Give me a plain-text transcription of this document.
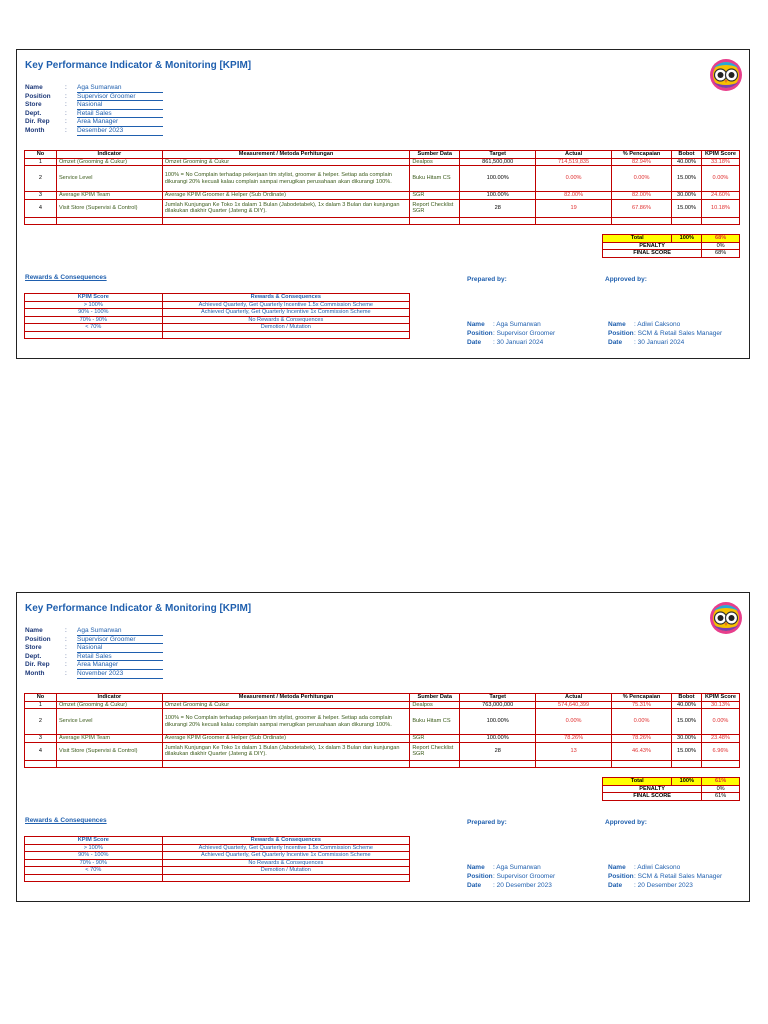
Key Performance Indicator & Monitoring [KPIM]
Name	:	Aga Sumarwan
Position	:	Supervisor Groomer
Store	:	Nasional
Dept.	:	Retail Sales
Dir. Rep	:	Area Manager
Month	:	Desember 2023
No	Indicator	Measurement / Metoda Perhitungan	Sumber Data	Target	Actual	% Pencapaian	Bobot	KPIM Score
1	Omzet (Grooming & Cukur)	Omzet Grooming & Cukur	Dealpos	861,500,000	714,519,835	82.94%	40.00%	33.18%
2	Service Level	100% = No Complain terhadap pekerjaan tim stylist, groomer & helper. Setiap ada complain dikurangi 20% kecuali kalau complain sampai merugikan perusahaan akan dikurangi 100%.	Buku Hitam CS	100.00%	0.00%	0.00%	15.00%	0.00%
3	Average KPIM Team	Average KPIM Groomer & Helper (Sub Ordinate)	SGR	100.00%	82.00%	82.00%	30.00%	24.60%
4	Visit Store (Supervisi & Control)	Jumlah Kunjungan Ke Toko 1x dalam 1 Bulan (Jabodetabek), 1x dalam 3 Bulan dan kunjungan dilakukan diakhir Quarter (Jateng & DIY).	Report Checklist SGR	28	19	67.86%	15.00%	10.18%

Total	100%	68%
PENALTY		0%
FINAL SCORE		68%
Rewards & Consequences	Prepared by:	Approved by:
KPIM Score	Rewards & Consequences
> 100%	Achieved Quarterly, Get Quarterly Incentive 1.5x Commission Scheme
90% - 100%	Achieved Quarterly, Get Quarterly Incentive 1x Commission Scheme
70% - 90%	No Rewards & Consequences
< 70%	Demotion / Mutation
		Name	: Aga Sumarwan
Position : Supervisor Groomer
Date	: 30 Januari 2024
Name	: Adiwi Caksono
Position : SCM & Retail Sales Manager
Date	: 30 Januari 2024
Key Performance Indicator & Monitoring [KPIM]
Name	:	Aga Sumarwan
Position	:	Supervisor Groomer
Store	:	Nasional
Dept.	:	Retail Sales
Dir. Rep	:	Area Manager
Month	:	November 2023
No	Indicator	Measurement / Metoda Perhitungan	Sumber Data	Target	Actual	% Pencapaian	Bobot	KPIM Score
1	Omzet (Grooming & Cukur)	Omzet Grooming & Cukur	Dealpos	763,000,000	574,640,399	75.31%	40.00%	30.13%
2	Service Level	100% = No Complain terhadap pekerjaan tim stylist, groomer & helper. Setiap ada complain dikurangi 20% kecuali kalau complain sampai merugikan perusahaan akan dikurangi 100%.	Buku Hitam CS	100.00%	0.00%	0.00%	15.00%	0.00%
3	Average KPIM Team	Average KPIM Groomer & Helper (Sub Ordinate)	SGR	100.00%	78.26%	78.26%	30.00%	23.48%
4	Visit Store (Supervisi & Control)	Jumlah Kunjungan Ke Toko 1x dalam 1 Bulan (Jabodetabek), 1x dalam 3 Bulan dan kunjungan dilakukan diakhir Quarter (Jateng & DIY).	Report Checklist SGR	28	13	46.43%	15.00%	6.96%

Total	100%	61%
PENALTY		0%
FINAL SCORE		61%
Rewards & Consequences	Prepared by:	Approved by:
KPIM Score	Rewards & Consequences
> 100%	Achieved Quarterly, Get Quarterly Incentive 1.5x Commission Scheme
90% - 100%	Achieved Quarterly, Get Quarterly Incentive 1x Commission Scheme
70% - 90%	No Rewards & Consequences
< 70%	Demotion / Mutation
		Name	: Aga Sumarwan
Position : Supervisor Groomer
Date	: 20 Desember 2023
Name	: Adiwi Caksono
Position : SCM & Retail Sales Manager
Date	: 20 Desember 2023
